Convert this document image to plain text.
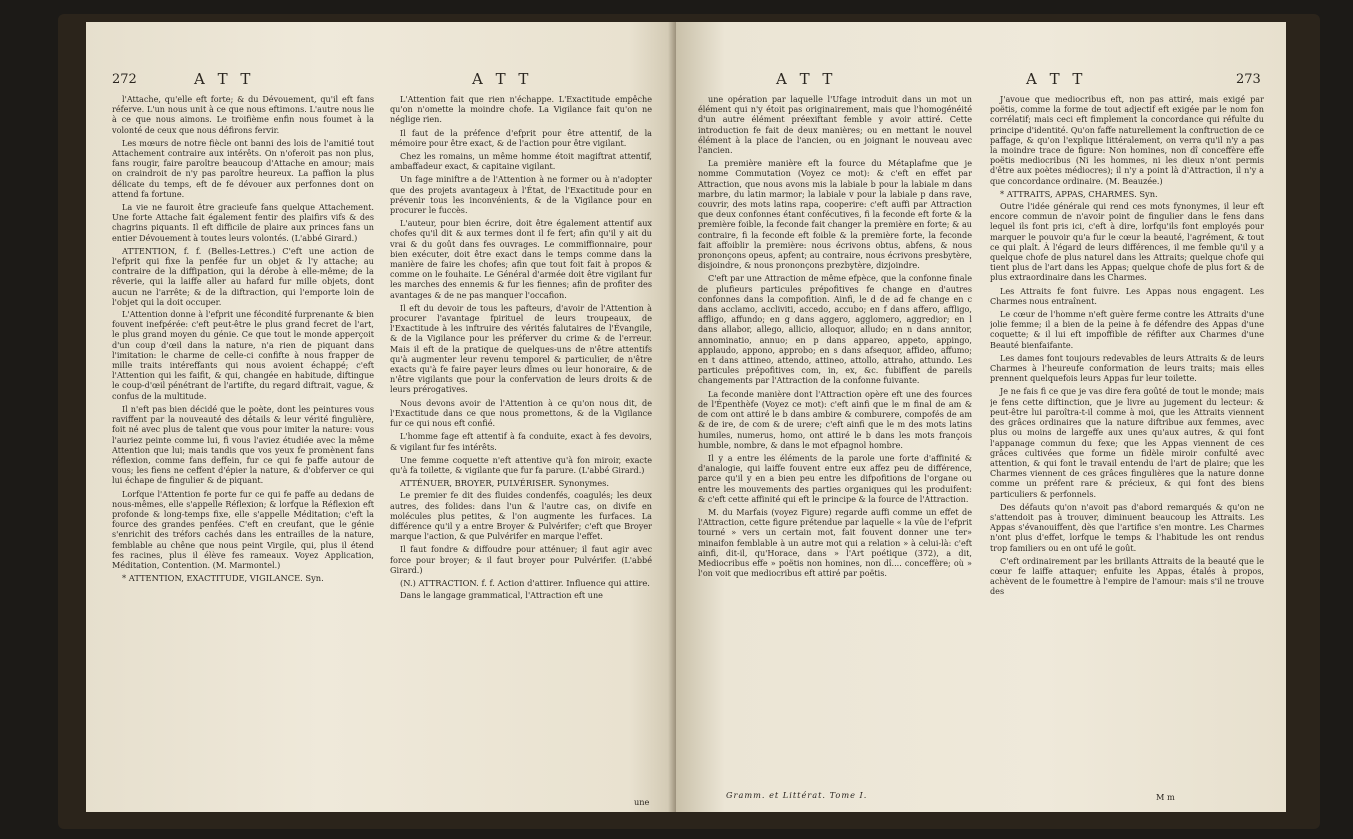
272	A T T	A T T

l'Attache, qu'elle eft forte; & du Dévouement, qu'il eft fans réferve. L'un nous unit à ce que nous eftimons. L'autre nous lie à ce que nous aimons. Le troifième enfin nous foumet à la volonté de ceux que nous défirons fervir.

Les mœurs de notre fiècle ont banni des lois de l'amitié tout Attachement contraire aux intérêts. On n'oferoit pas non plus, fans rougir, faire paroître beaucoup d'Attache en amour; mais on craindroit de n'y pas paroître heureux. La paffion la plus délicate du temps, eft de fe dévouer aux perfonnes dont on attend fa fortune.

La vie ne fauroit être gracieufe fans quelque Attachement. Une forte Attache fait également fentir des plaifirs vifs & des chagrins piquants. Il eft difficile de plaire aux princes fans un entier Dévouement à toutes leurs volontés. (L'abbé Girard.)

ATTENTION, f. f. (Belles-Lettres.) C'eft une action de l'efprit qui fixe la penfée fur un objet & l'y attache; au contraire de la diffipation, qui la dérobe à elle-même; de la rêverie, qui la laiffe aller au hafard fur mille objets, dont aucun ne l'arrête; & de la diftraction, qui l'emporte loin de l'objet qui la doit occuper.

L'Attention donne à l'efprit une fécondité furprenante & bien fouvent inefpérée: c'eft peut-être le plus grand fecret de l'art, le plus grand moyen du génie. Ce que tout le monde apperçoit d'un coup d'œil dans la nature, n'a rien de piquant dans l'imitation: le charme de celle-ci confifte à nous frapper de mille traits intéreffants qui nous avoient échappé; c'eft l'Attention qui les faifit, & qui, changée en habitude, diftingue le coup-d'œil pénétrant de l'artifte, du regard diftrait, vague, & confus de la multitude.

Il n'eft pas bien décidé que le poète, dont les peintures vous raviffent par la nouveauté des détails & leur vérité fingulière, foit né avec plus de talent que vous pour imiter la nature: vous l'auriez peinte comme lui, fi vous l'aviez étudiée avec la même Attention que lui; mais tandis que vos yeux fe promènent fans réflexion, comme fans deffein, fur ce qui fe paffe autour de vous; les fiens ne ceffent d'épier la nature, & d'obferver ce qui lui échape de fingulier & de piquant.

Lorfque l'Attention fe porte fur ce qui fe paffe au dedans de nous-mêmes, elle s'appelle Réflexion; & lorfque la Réflexion eft profonde & long-temps fixe, elle s'appelle Méditation; c'eft la fource des grandes penfées. C'eft en creufant, que le génie s'enrichit des tréfors cachés dans les entrailles de la nature, femblable au chêne que nous peint Virgile, qui, plus il étend fes racines, plus il élève fes rameaux. Voyez Application, Méditation, Contention. (M. Marmontel.)

* ATTENTION, EXACTITUDE, VIGILANCE. Syn.

L'Attention fait que rien n'échappe. L'Exactitude empêche qu'on n'omette la moindre chofe. La Vigilance fait qu'on ne néglige rien.

Il faut de la préfence d'efprit pour être attentif, de la mémoire pour être exact, & de l'action pour être vigilant.

Chez les romains, un même homme étoit magiftrat attentif, ambaffadeur exact, & capitaine vigilant.

Un fage miniftre a de l'Attention à ne former ou à n'adopter que des projets avantageux à l'État, de l'Exactitude pour en prévenir tous les inconvénients, & de la Vigilance pour en procurer le fuccès.

L'auteur, pour bien écrire, doit être également attentif aux chofes qu'il dit & aux termes dont il fe fert; afin qu'il y ait du vrai & du goût dans fes ouvrages. Le commiffionnaire, pour bien exécuter, doit être exact dans le temps comme dans la manière de faire les chofes; afin que tout foit fait à propos & comme on le fouhaite. Le Général d'armée doit être vigilant fur les marches des ennemis & fur les fiennes; afin de profiter des avantages & de ne pas manquer l'occafion.

Il eft du devoir de tous les pafteurs, d'avoir de l'Attention à procurer l'avantage fpirituel de leurs troupeaux, de l'Exactitude à les inftruire des vérités falutaires de l'Évangile, & de la Vigilance pour les préferver du crime & de l'erreur. Mais il eft de la pratique de quelques-uns de n'être attentifs qu'à augmenter leur revenu temporel & particulier, de n'être exacts qu'à fe faire payer leurs dîmes ou leur honoraire, & de n'être vigilants que pour la confervation de leurs droits & de leurs prérogatives.

Nous devons avoir de l'Attention à ce qu'on nous dit, de l'Exactitude dans ce que nous promettons, & de la Vigilance fur ce qui nous eft confié.

L'homme fage eft attentif à fa conduite, exact à fes devoirs, & vigilant fur fes intérêts.

Une femme coquette n'eft attentive qu'à fon miroir, exacte qu'à fa toilette, & vigilante que fur fa parure. (L'abbé Girard.)

ATTÉNUER, BROYER, PULVÉRISER. Synonymes.

Le premier fe dit des fluides condenfés, coagulés; les deux autres, des folides: dans l'un & l'autre cas, on divife en molécules plus petites, & l'on augmente les furfaces. La différence qu'il y a entre Broyer & Pulvérifer; c'eft que Broyer marque l'action, & que Pulvérifer en marque l'effet.

Il faut fondre & diffoudre pour atténuer; il faut agir avec force pour broyer; & il faut broyer pour Pulvérifer. (L'abbé Girard.)

(N.) ATTRACTION. f. f. Action d'attirer. Influence qui attire.

Dans le langage grammatical, l'Attraction eft une

une
A T T	A T T	273

une opération par laquelle l'Ufage introduit dans un mot un élément qui n'y étoit pas originairement, mais que l'homogénéité d'un autre élément préexiftant femble y avoir attiré. Cette introduction fe fait de deux manières; ou en mettant le nouvel élément à la place de l'ancien, ou en joignant le nouveau avec l'ancien.

La première manière eft la fource du Métaplafme que je nomme Commutation (Voyez ce mot): & c'eft en effet par Attraction, que nous avons mis la labiale b pour la labiale m dans marbre, du latin marmor; la labiale v pour la labiale p dans rave, couvrir, des mots latins rapa, cooperire: c'eft auffi par Attraction que deux confonnes étant confécutives, fi la feconde eft forte & la première foible, la feconde fait changer la première en forte; & au contraire, fi la feconde eft foible & la première forte, la feconde fait affoiblir la première: nous écrivons obtus, abfens, & nous prononçons opeus, apfent; au contraire, nous écrivons presbytère, disjoindre, & nous prononçons prezbytère, dizjoindre.

C'eft par une Attraction de même efpèce, que la confonne finale de plufieurs particules prépofitives fe change en d'autres confonnes dans la compofition. Ainfi, le d de ad fe change en c dans acclamo, accliviti, accedo, accubo; en f dans affero, affligo, affligo, affundo; en g dans aggero, agglomero, aggredior; en l dans allabor, allego, allicio, alloquor, alludo; en n dans annitor, annominatio, annuo; en p dans appareo, appeto, appingo, applaudo, appono, approbo; en s dans afsequor, affideo, affumo; en t dans attineo, attendo, attineo, attollo, attraho, attundo. Les particules prépofitives com, in, ex, &c. fubiffent de pareils changements par l'Attraction de la confonne fuivante.

La feconde manière dont l'Attraction opère eft une des fources de l'Épenthèfe (Voyez ce mot): c'eft ainfi que le m final de am & de com ont attiré le b dans ambire & comburere, compofés de am & de ire, de com & de urere; c'eft ainfi que le m des mots latins humiles, numerus, homo, ont attiré le b dans les mots françois humble, nombre, & dans le mot efpagnol hombre.

Il y a entre les éléments de la parole une forte d'affinité & d'analogie, qui laiffe fouvent entre eux affez peu de différence, parce qu'il y en a bien peu entre les difpofitions de l'organe ou entre les mouvements des parties organiques qui les produifent: & c'eft cette affinité qui eft le principe & la fource de l'Attraction.

M. du Marfais (voyez Figure) regarde auffi comme un effet de l'Attraction, cette figure prétendue par laquelle « la vûe de l'efprit tourné » vers un certain mot, fait fouvent donner une ter» minaifon femblable à un autre mot qui a relation » à celui-là: c'eft ainfi, dit-il, qu'Horace, dans » l'Art poétique (372), a dit, Mediocribus effe » poëtis non homines, non dî.... conceffère; où » l'on voit que mediocribus eft attiré par poëtis.

J'avoue que mediocribus eft, non pas attiré, mais exigé par poëtis, comme la forme de tout adjectif eft exigée par le nom fon corrélatif; mais ceci eft fimplement la concordance qui réfulte du principe d'identité. Qu'on faffe naturellement la conftruction de ce paffage, & qu'on l'explique littéralement, on verra qu'il n'y a pas la moindre trace de figure: Non homines, non dî conceffère effe poëtis mediocribus (Ni les hommes, ni les dieux n'ont permis d'être aux poètes médiocres); il n'y a point là d'Attraction, il n'y a que concordance ordinaire. (M. Beauzée.)

* ATTRAITS, APPAS, CHARMES. Syn.

Outre l'idée générale qui rend ces mots fynonymes, il leur eft encore commun de n'avoir point de fingulier dans le fens dans lequel ils font pris ici, c'eft à dire, lorfqu'ils font employés pour marquer le pouvoir qu'a fur le cœur la beauté, l'agrément, & tout ce qui plaît. À l'égard de leurs différences, il me femble qu'il y a quelque chofe de plus naturel dans les Attraits; quelque chofe qui tient plus de l'art dans les Appas; quelque chofe de plus fort & de plus extraordinaire dans les Charmes.

Les Attraits fe font fuivre. Les Appas nous engagent. Les Charmes nous entraînent.

Le cœur de l'homme n'eft guère ferme contre les Attraits d'une jolie femme; il a bien de la peine à fe défendre des Appas d'une coquette; & il lui eft impoffible de réfifter aux Charmes d'une Beauté bienfaifante.

Les dames font toujours redevables de leurs Attraits & de leurs Charmes à l'heureufe conformation de leurs traits; mais elles prennent quelquefois leurs Appas fur leur toilette.

Je ne fais fi ce que je vas dire fera goûté de tout le monde; mais je fens cette diftinction, que je livre au jugement du lecteur: & peut-être lui paroîtra-t-il comme à moi, que les Attraits viennent des grâces ordinaires que la nature diftribue aux femmes, avec plus ou moins de largeffe aux unes qu'aux autres, & qui font l'appanage commun du fexe; que les Appas viennent de ces grâces cultivées que forme un fidèle miroir confulté avec attention, & qui font le travail entendu de l'art de plaire; que les Charmes viennent de ces grâces fingulières que la nature donne comme un préfent rare & précieux, & qui font des biens particuliers & perfonnels.

Des défauts qu'on n'avoit pas d'abord remarqués & qu'on ne s'attendoit pas à trouver, diminuent beaucoup les Attraits. Les Appas s'évanouiffent, dès que l'artifice s'en montre. Les Charmes n'ont plus d'effet, lorfque le temps & l'habitude les ont rendus trop familiers ou en ont ufé le goût.

C'eft ordinairement par les brillants Attraits de la beauté que le cœur fe laiffe attaquer; enfuite les Appas, étalés à propos, achèvent de le foumettre à l'empire de l'amour: mais s'il ne trouve des

Gramm. et Littérat. Tome I.	M m
